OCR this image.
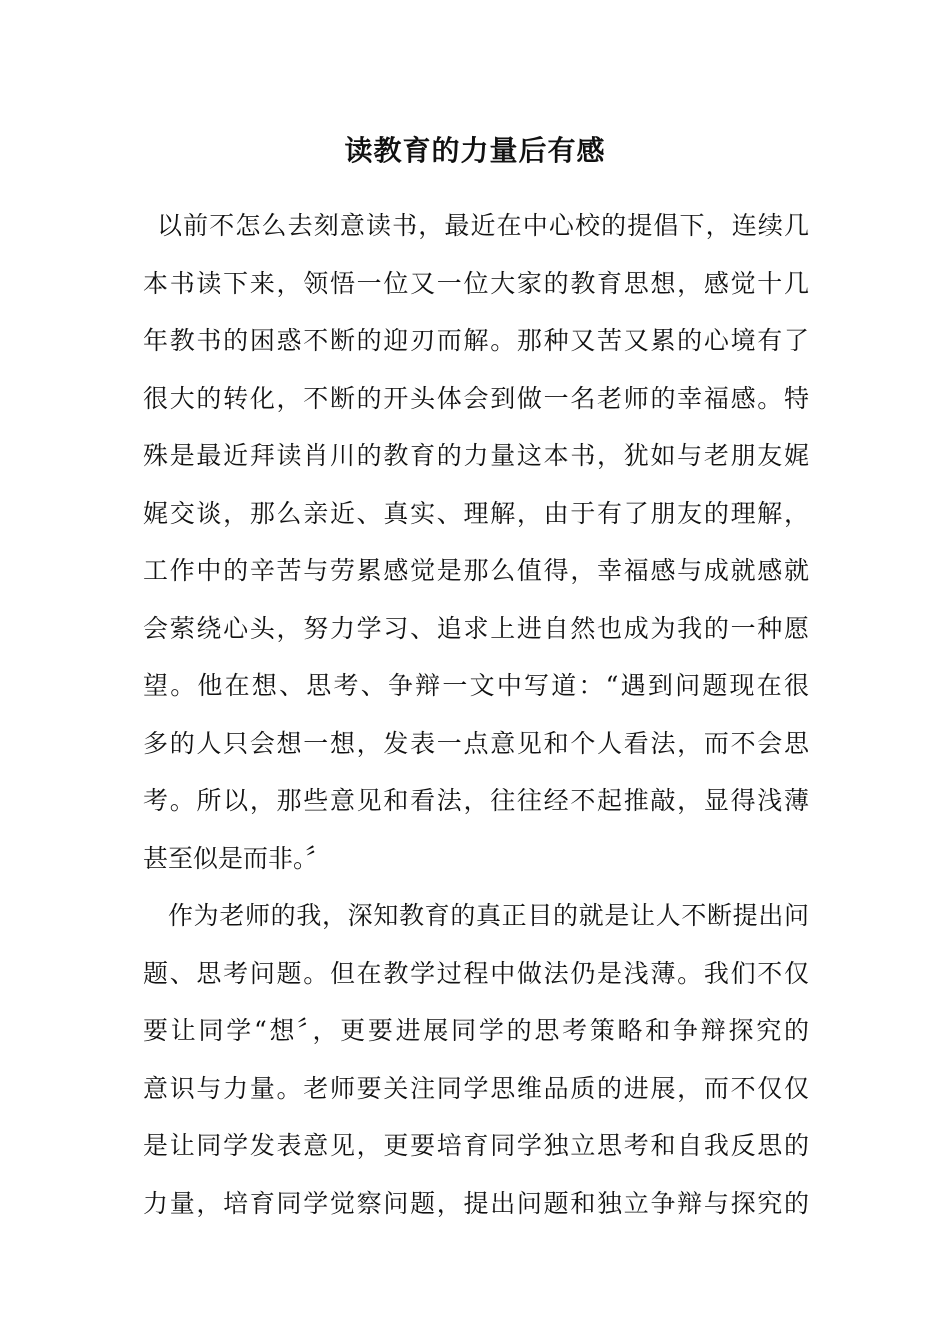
读教育的力量后有感
以前不怎么去刻意读书，最近在中心校的提倡下，连续几
本书读下来，领悟一位又一位大家的教育思想，感觉十几
年教书的困惑不断的迎刃而解。那种又苦又累的心境有了
很大的转化，不断的开头体会到做一名老师的幸福感。特
殊是最近拜读肖川的教育的力量这本书，犹如与老朋友娓
娓交谈，那么亲近、真实、理解，由于有了朋友的理解，
工作中的辛苦与劳累感觉是那么值得，幸福感与成就感就
会萦绕心头，努力学习、追求上进自然也成为我的一种愿
望。他在想、思考、争辩一文中写道：“遇到问题现在很
多的人只会想一想，发表一点意见和个人看法，而不会思
考。所以，那些意见和看法，往往经不起推敲，显得浅薄
甚至似是而非。〞
作为老师的我，深知教育的真正目的就是让人不断提出问
题、思考问题。但在教学过程中做法仍是浅薄。我们不仅
要让同学“想〞，更要进展同学的思考策略和争辩探究的
意识与力量。老师要关注同学思维品质的进展，而不仅仅
是让同学发表意见，更要培育同学独立思考和自我反思的
力量，培育同学觉察问题，提出问题和独立争辩与探究的
